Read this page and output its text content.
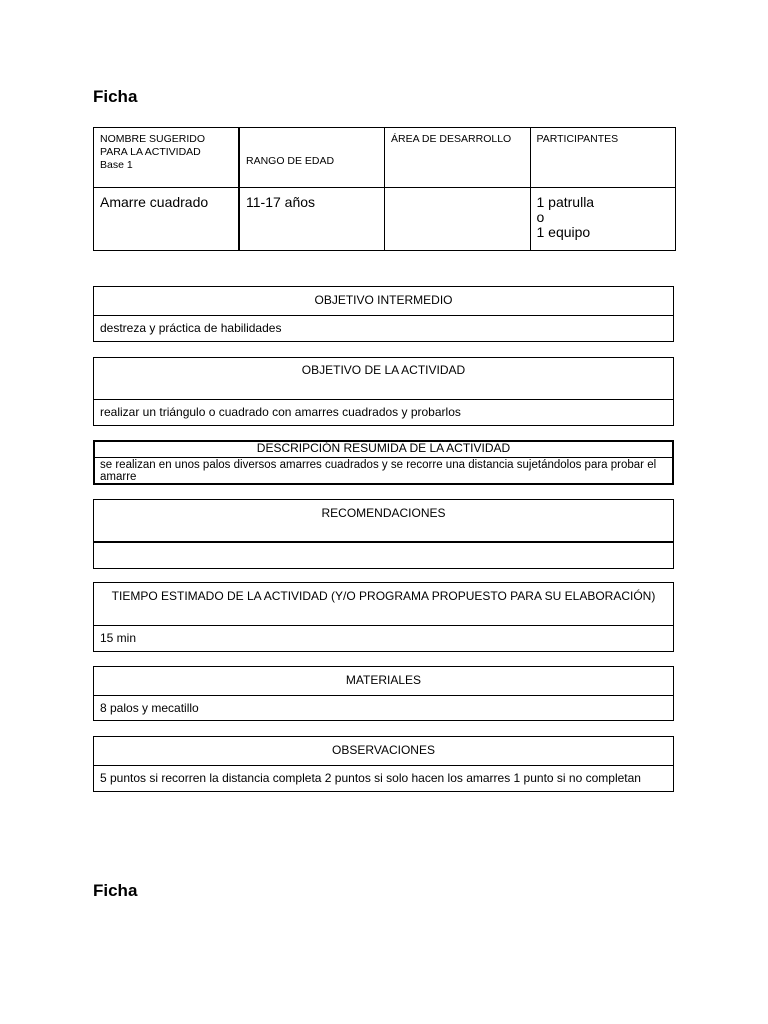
Ficha
NOMBRE SUGERIDO PARA LA ACTIVIDAD
Base 1	RANGO DE EDAD	ÁREA DE DESARROLLO	PARTICIPANTES
Amarre cuadrado	11-17 años		1 patrulla
o
1 equipo
OBJETIVO INTERMEDIO
destreza y práctica de habilidades
OBJETIVO DE LA ACTIVIDAD
realizar un triángulo o cuadrado con amarres cuadrados y probarlos
DESCRIPCIÓN RESUMIDA DE LA ACTIVIDAD
se realizan en unos palos diversos amarres cuadrados y se recorre una distancia sujetándolos para probar el amarre
RECOMENDACIONES
TIEMPO ESTIMADO DE LA ACTIVIDAD (Y/O PROGRAMA PROPUESTO PARA SU ELABORACIÓN)
15 min
MATERIALES
8 palos y mecatillo
OBSERVACIONES
5 puntos si recorren la distancia completa 2 puntos si solo hacen los amarres 1 punto si no completan
Ficha
